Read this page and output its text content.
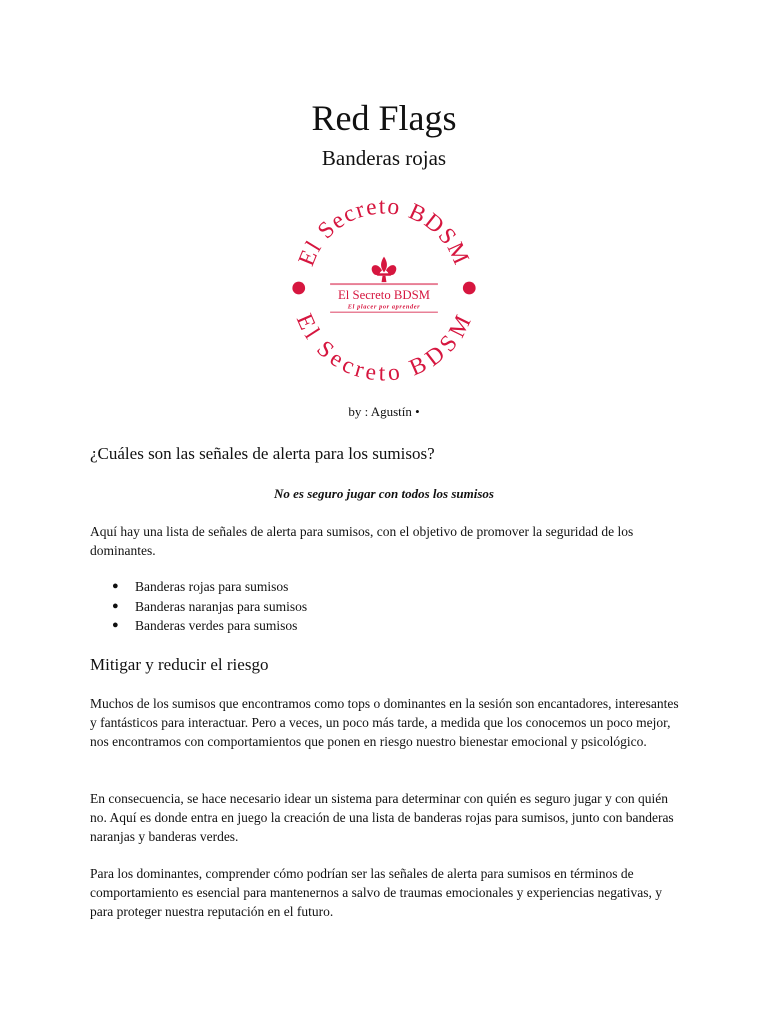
Red Flags
Banderas rojas
El Secreto BDSM
El Secreto BDSM
El Secreto BDSM
El placer por aprender
by : Agustín •
¿Cuáles son las señales de alerta para los sumisos?
No es seguro jugar con todos los sumisos

Aquí hay una lista de señales de alerta para sumisos, con el objetivo de promover la seguridad de los dominantes.

● Banderas rojas para sumisos
● Banderas naranjas para sumisos
● Banderas verdes para sumisos
Mitigar y reducir el riesgo

Muchos de los sumisos que encontramos como tops o dominantes en la sesión son encantadores, interesantes y fantásticos para interactuar. Pero a veces, un poco más tarde, a medida que los conocemos un poco mejor, nos encontramos con comportamientos que ponen en riesgo nuestro bienestar emocional y psicológico.

En consecuencia, se hace necesario idear un sistema para determinar con quién es seguro jugar y con quién no. Aquí es donde entra en juego la creación de una lista de banderas rojas para sumisos, junto con banderas naranjas y banderas verdes.

Para los dominantes, comprender cómo podrían ser las señales de alerta para sumisos en términos de comportamiento es esencial para mantenernos a salvo de traumas emocionales y experiencias negativas, y para proteger nuestra reputación en el futuro.
